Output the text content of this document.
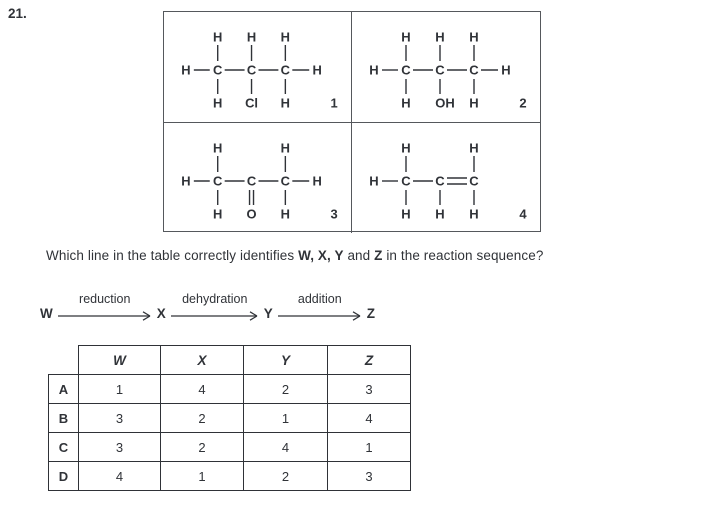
21.
H C C C H
H H H
H Cl H	1
H C C C H
H H H
H OH H	2
H C C C H
H	H
H O H	3
H C C C
H	H
H H H	4
Which line in the table correctly identifies W, X, Y and Z in the reaction sequence?
W
reduction
X
dehydration
Y
addition
Z
	W	X	Y	Z
A	1	4	2	3
B	3	2	1	4
C	3	2	4	1
D	4	1	2	3
